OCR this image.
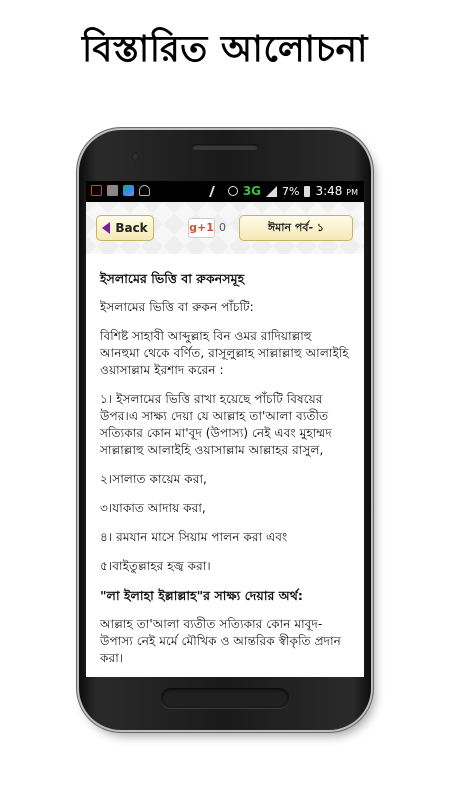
বিস্তারিত আলোচনা
3G 7% 3:48 PM
Back	g+1 0	ঈমান পর্ব- ১

ইসলামের ভিত্তি বা রুকনসমূহ

ইসলামের ভিত্তি বা রুকন পাঁচটি:

বিশিষ্ট সাহাবী আব্দুল্লাহ বিন ওমর রাদিয়াল্লাহু আনহুমা থেকে বর্ণিত, রাসূলুল্লাহ সাল্লাল্লাহু আলাইহি ওয়াসাল্লাম ইরশাদ করেন :

১। ইসলামের ভিত্তি রাখা হয়েছে পাঁচটি বিষয়ের উপর।এ সাক্ষ্য দেয়া যে আল্লাহ তা'আলা ব্যতীত সত্যিকার কোন মা'বূদ (উপাস্য) নেই এবং মুহাম্মদ সাল্লাল্লাহু আলাইহি ওয়াসাল্লাম আল্লাহর রাসুল,

২।সালাত কায়েম করা,

৩।যাকাত আদায় করা,

৪। রমযান মাসে সিয়াম পালন করা এবং

৫।বাইতুল্লাহর হজ্ব করা।

"লা ইলাহা ইল্লাল্লাহ"র সাক্ষ্য দেয়ার অর্থ:

আল্লাহ তা'আলা ব্যতীত সত্যিকার কোন মাবূদ-উপাস্য নেই মর্মে মৌখিক ও আন্তরিক স্বীকৃতি প্রদান করা।
